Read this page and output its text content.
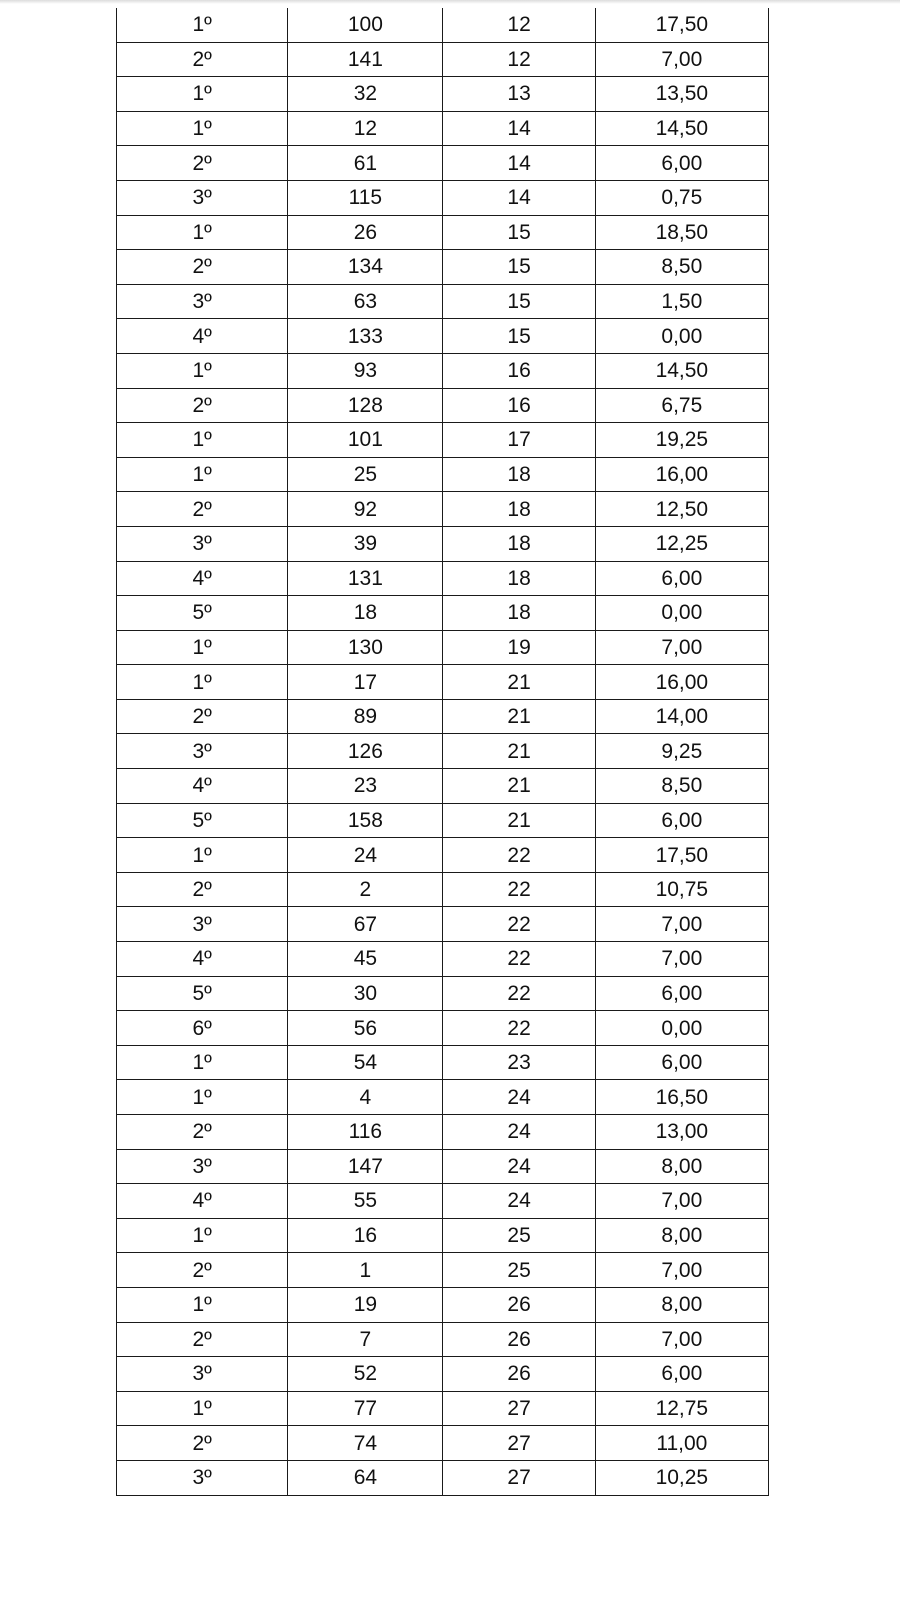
1º	100	12	17,50
2º	141	12	7,00
1º	32	13	13,50
1º	12	14	14,50
2º	61	14	6,00
3º	115	14	0,75
1º	26	15	18,50
2º	134	15	8,50
3º	63	15	1,50
4º	133	15	0,00
1º	93	16	14,50
2º	128	16	6,75
1º	101	17	19,25
1º	25	18	16,00
2º	92	18	12,50
3º	39	18	12,25
4º	131	18	6,00
5º	18	18	0,00
1º	130	19	7,00
1º	17	21	16,00
2º	89	21	14,00
3º	126	21	9,25
4º	23	21	8,50
5º	158	21	6,00
1º	24	22	17,50
2º	2	22	10,75
3º	67	22	7,00
4º	45	22	7,00
5º	30	22	6,00
6º	56	22	0,00
1º	54	23	6,00
1º	4	24	16,50
2º	116	24	13,00
3º	147	24	8,00
4º	55	24	7,00
1º	16	25	8,00
2º	1	25	7,00
1º	19	26	8,00
2º	7	26	7,00
3º	52	26	6,00
1º	77	27	12,75
2º	74	27	11,00
3º	64	27	10,25
